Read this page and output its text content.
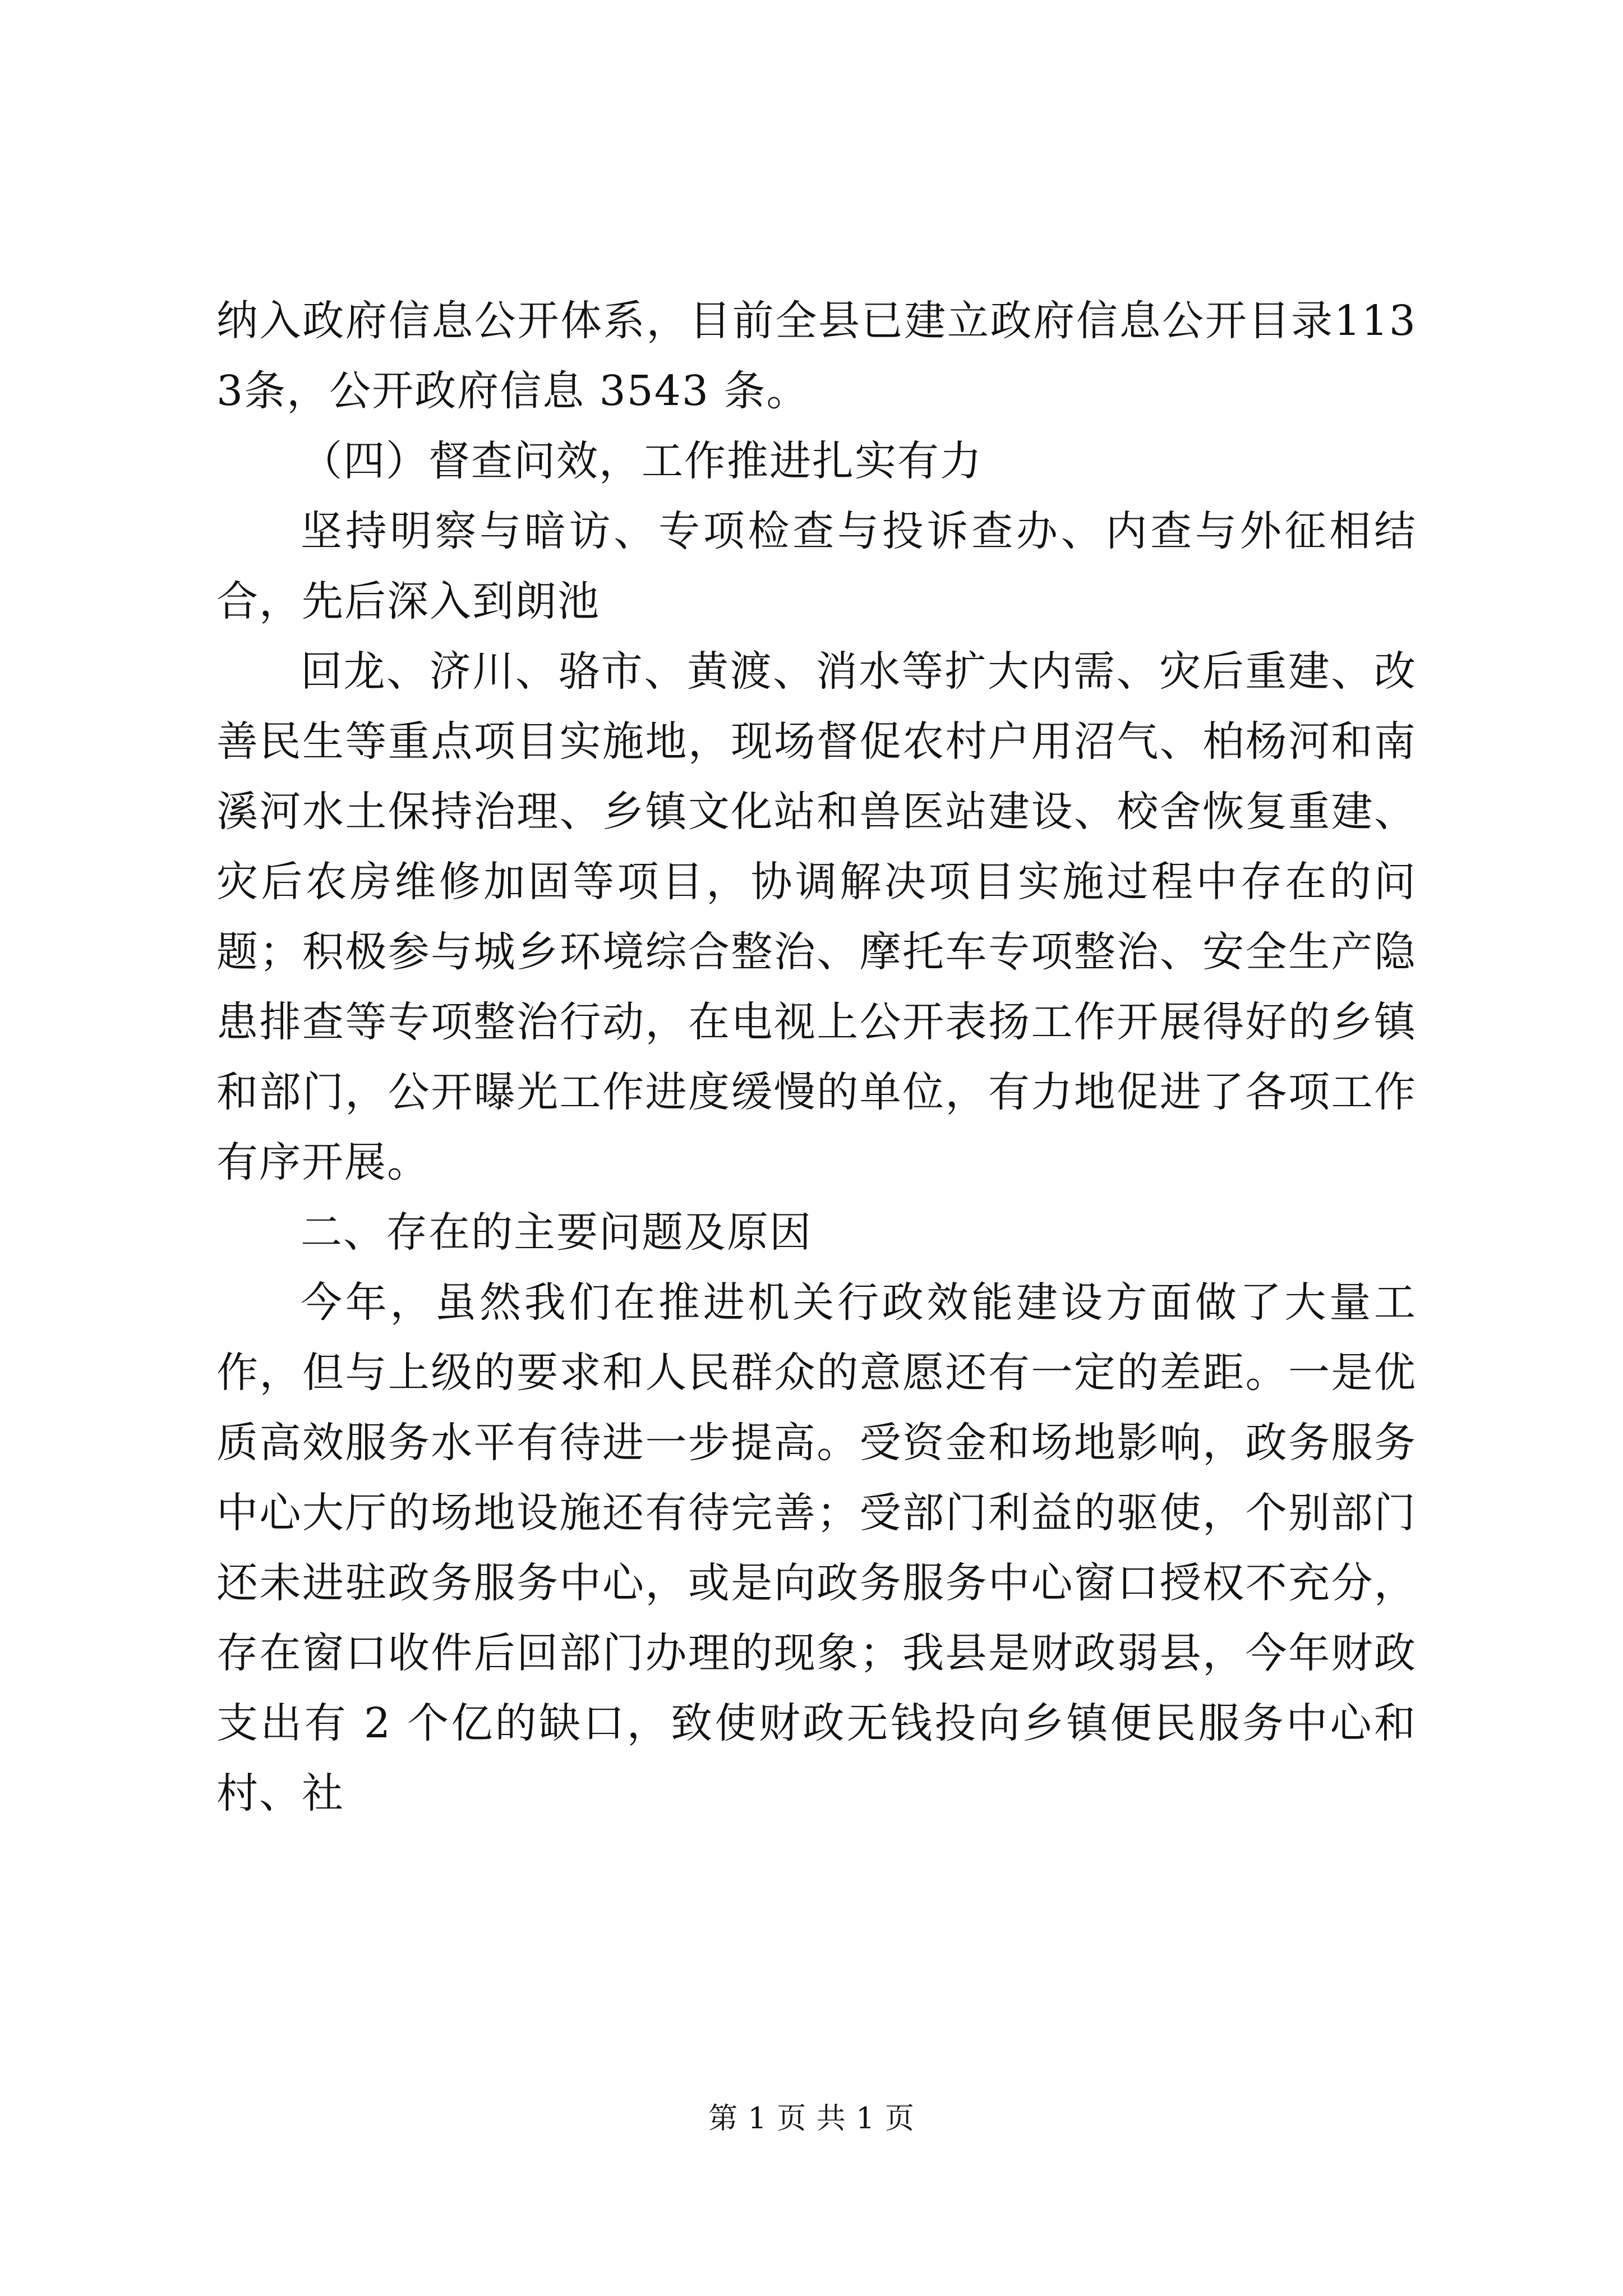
纳入政府信息公开体系，目前全县已建立政府信息公开目录1133条，公开政府信息 3543 条。

（四）督查问效，工作推进扎实有力

坚持明察与暗访、专项检查与投诉查办、内查与外征相结合，先后深入到朗池

回龙、济川、骆市、黄渡、消水等扩大内需、灾后重建、改善民生等重点项目实施地，现场督促农村户用沼气、柏杨河和南溪河水土保持治理、乡镇文化站和兽医站建设、校舍恢复重建、灾后农房维修加固等项目，协调解决项目实施过程中存在的问题；积极参与城乡环境综合整治、摩托车专项整治、安全生产隐患排查等专项整治行动，在电视上公开表扬工作开展得好的乡镇和部门，公开曝光工作进度缓慢的单位，有力地促进了各项工作有序开展。

二、存在的主要问题及原因

今年，虽然我们在推进机关行政效能建设方面做了大量工作，但与上级的要求和人民群众的意愿还有一定的差距。一是优质高效服务水平有待进一步提高。受资金和场地影响，政务服务中心大厅的场地设施还有待完善；受部门利益的驱使，个别部门还未进驻政务服务中心，或是向政务服务中心窗口授权不充分，存在窗口收件后回部门办理的现象；我县是财政弱县，今年财政支出有 2 个亿的缺口，致使财政无钱投向乡镇便民服务中心和村、社

第 1 页 共 1 页
